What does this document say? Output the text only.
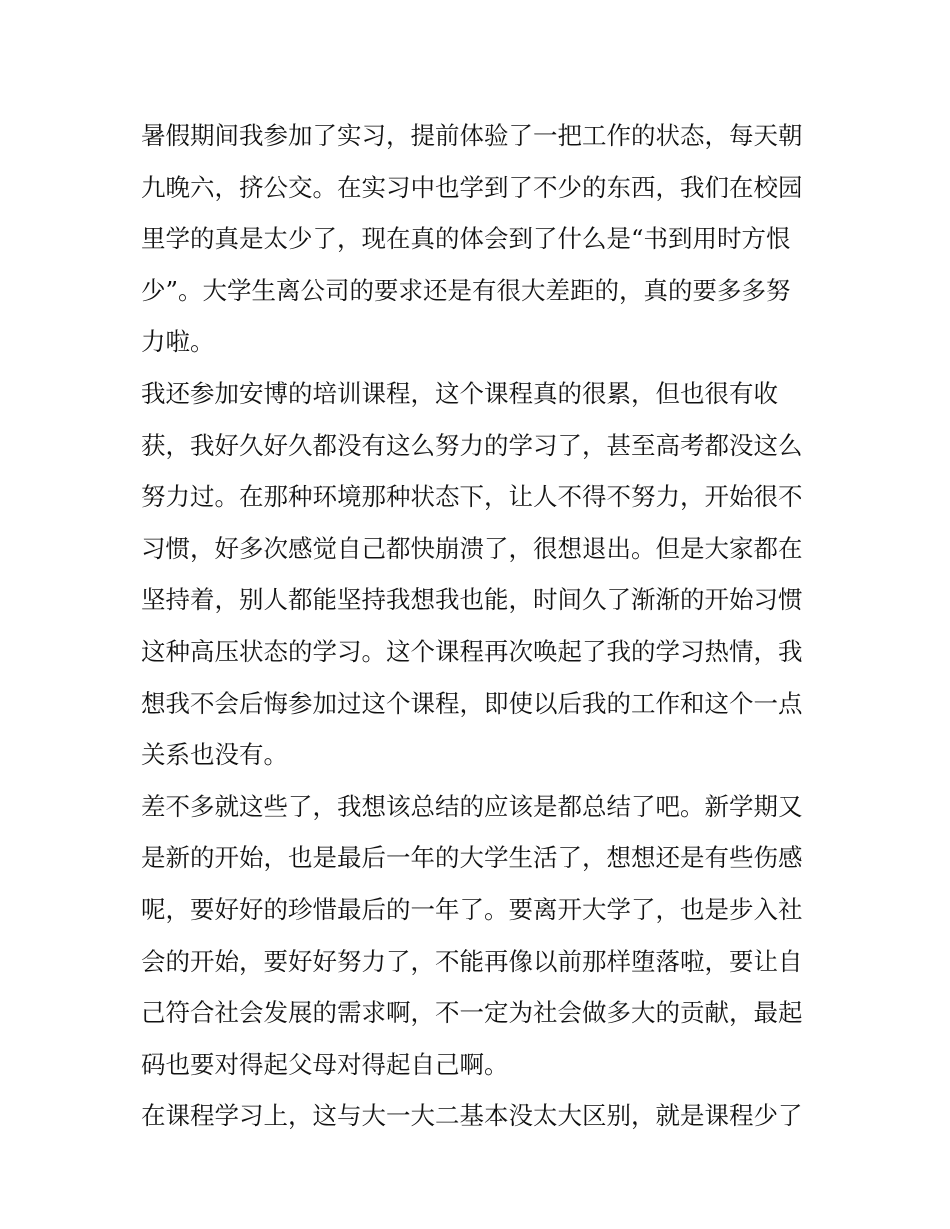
暑假期间我参加了实习，提前体验了一把工作的状态，每天朝
九晚六，挤公交。在实习中也学到了不少的东西，我们在校园
里学的真是太少了，现在真的体会到了什么是“书到用时方恨
少”。大学生离公司的要求还是有很大差距的，真的要多多努
力啦。
我还参加安博的培训课程，这个课程真的很累，但也很有收
获，我好久好久都没有这么努力的学习了，甚至高考都没这么
努力过。在那种环境那种状态下，让人不得不努力，开始很不
习惯，好多次感觉自己都快崩溃了，很想退出。但是大家都在
坚持着，别人都能坚持我想我也能，时间久了渐渐的开始习惯
这种高压状态的学习。这个课程再次唤起了我的学习热情，我
想我不会后悔参加过这个课程，即使以后我的工作和这个一点
关系也没有。
差不多就这些了，我想该总结的应该是都总结了吧。新学期又
是新的开始，也是最后一年的大学生活了，想想还是有些伤感
呢，要好好的珍惜最后的一年了。要离开大学了，也是步入社
会的开始，要好好努力了，不能再像以前那样堕落啦，要让自
己符合社会发展的需求啊，不一定为社会做多大的贡献，最起
码也要对得起父母对得起自己啊。
在课程学习上，这与大一大二基本没太大区别，就是课程少了
